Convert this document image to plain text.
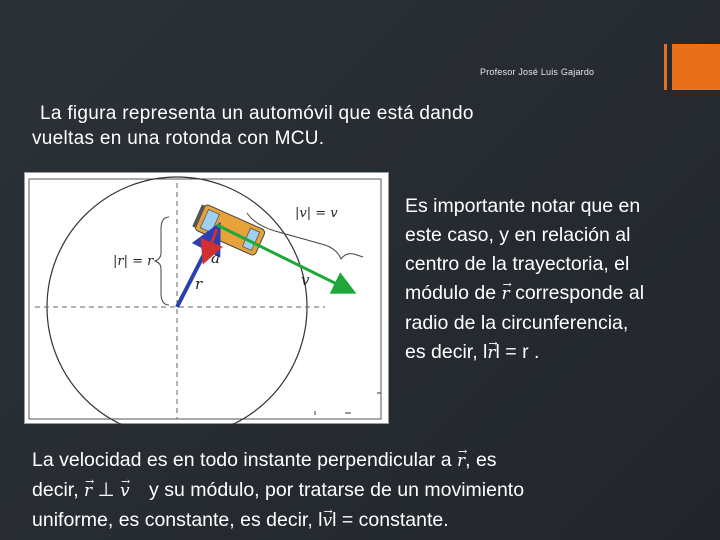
Profesor José Luis Gajardo
La figura representa un automóvil que está dando
vueltas en una rotonda con MCU.
|r| = r
|v| = v
a
r	v
Es importante notar que en
este caso, y en relación al
centro de la trayectoria, el
módulo de → r corresponde al
radio de la circunferencia,
es decir, l→ rl = r .
La velocidad es en todo instante perpendicular a → r, es
decir, → r ⊥ → v y su módulo, por tratarse de un movimiento
uniforme, es constante, es decir, l→ vl = constante.
